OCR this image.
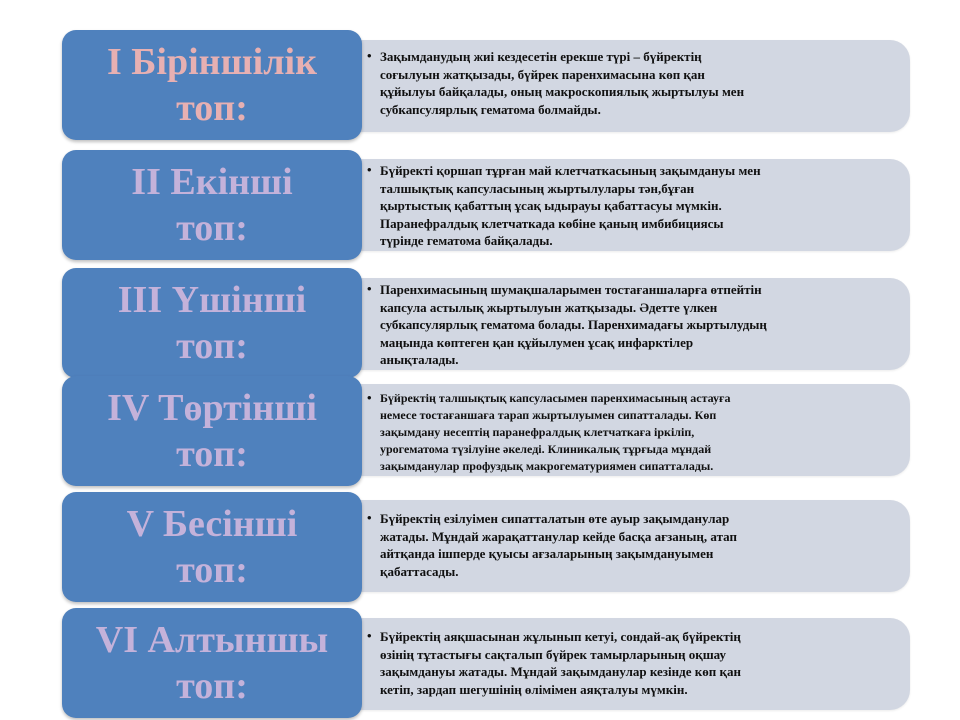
• Зақымданудың жиі кездесетін ерекше түрі – бүйректің
соғылуын жатқызады, бүйрек паренхимасына көп қан
құйылуы байқалады, оның макроскопиялық жыртылуы мен
субкапсулярлық гематома болмайды.
I Біріншілік
топ:
• Бүйректі қоршап тұрған май клетчаткасының зақымдануы мен
талшықтық капсуласының жыртылулары тән,бұған
қыртыстық қабаттың ұсақ ыдырауы қабаттасуы мүмкін.
Паранефралдық клетчаткада көбіне қаның имбибициясы
түрінде гематома байқалады.
II Екінші
топ:
• Паренхимасының шумақшаларымен тостағаншаларға өтпейтін
капсула астылық жыртылуын жатқызады. Әдетте үлкен
субкапсулярлық гематома болады. Паренхимадағы жыртылудың
маңында көптеген қан құйылумен ұсақ инфарктілер
анықталады.
III Үшінші
топ:
• Бүйректің талшықтық капсуласымен паренхимасының астауға
немесе тостағаншаға тарап жыртылуымен сипатталады. Көп
зақымдану несептің паранефралдық клетчаткаға іркіліп,
урогематома түзілуіне әкеледі. Клиникалық тұрғыда мұндай
зақымданулар профуздық макрогематуриямен сипатталады.
IV Төртінші
топ:
• Бүйректің езілуімен сипатталатын өте ауыр зақымданулар
жатады. Мұндай жарақаттанулар кейде басқа ағзаның, атап
айтқанда ішперде қуысы ағзаларының зақымдануымен
қабаттасады.
V Бесінші
топ:
• Бүйректің аяқшасынан жұлынып кетуі, сондай-ақ бүйректің
өзінің тұтастығы сақталып бүйрек тамырларының оқшау
зақымдануы жатады. Мұндай зақымданулар кезінде көп қан
кетіп, зардап шегушінің өлімімен аяқталуы мүмкін.
VI Алтыншы
топ:
